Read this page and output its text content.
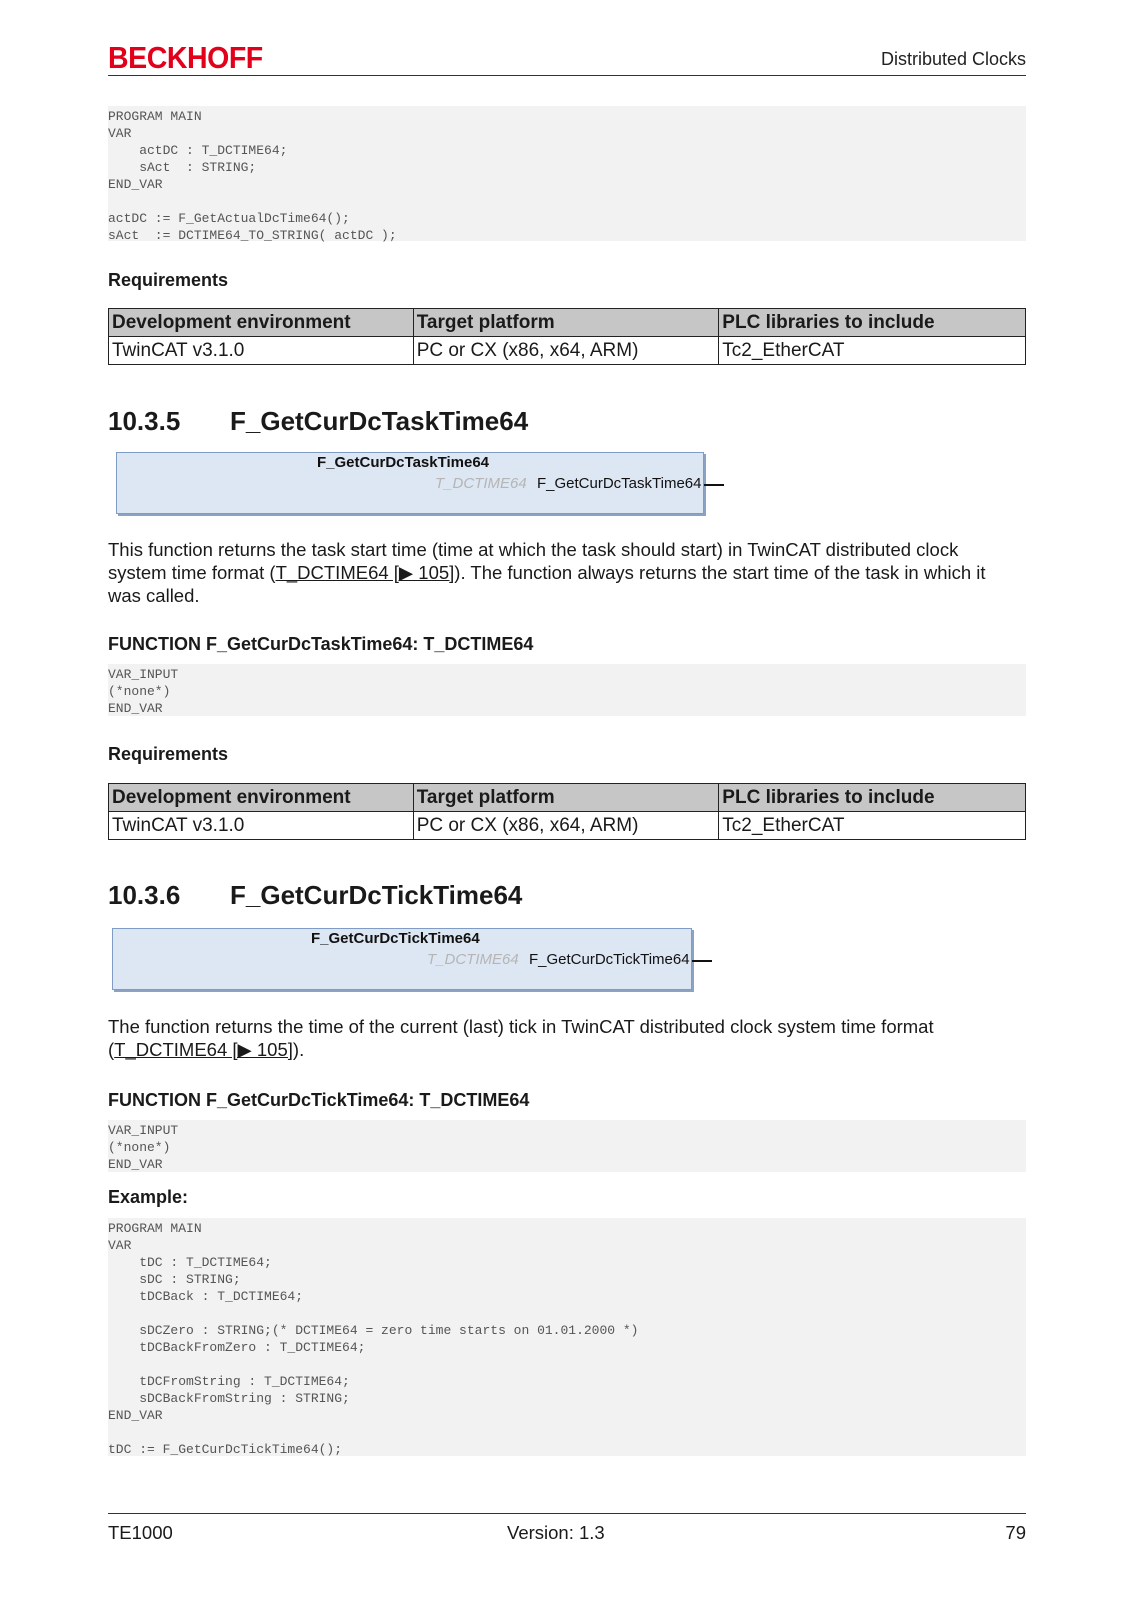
BECKHOFF	Distributed Clocks
PROGRAM MAIN
VAR
actDC : T_DCTIME64;
sAct  : STRING;
END_VAR

actDC := F_GetActualDcTime64();
sAct  := DCTIME64_TO_STRING( actDC );
Requirements
Development environment	Target platform	PLC libraries to include
TwinCAT v3.1.0	PC or CX (x86, x64, ARM)	Tc2_EtherCAT
10.3.5 F_GetCurDcTaskTime64
F_GetCurDcTaskTime64
T_DCTIME64 F_GetCurDcTaskTime64
This function returns the task start time (time at which the task should start) in TwinCAT distributed clock system time format (T_DCTIME64 [▶ 105]). The function always returns the start time of the task in which it was called.
FUNCTION F_GetCurDcTaskTime64: T_DCTIME64
VAR_INPUT
(*none*)
END_VAR
Requirements
Development environment	Target platform	PLC libraries to include
TwinCAT v3.1.0	PC or CX (x86, x64, ARM)	Tc2_EtherCAT
10.3.6 F_GetCurDcTickTime64
F_GetCurDcTickTime64
T_DCTIME64 F_GetCurDcTickTime64
The function returns the time of the current (last) tick in TwinCAT distributed clock system time format (T_DCTIME64 [▶ 105]).
FUNCTION F_GetCurDcTickTime64: T_DCTIME64
VAR_INPUT
(*none*)
END_VAR
Example:
PROGRAM MAIN
VAR
tDC : T_DCTIME64;
sDC : STRING;
tDCBack : T_DCTIME64;

sDCZero : STRING;(* DCTIME64 = zero time starts on 01.01.2000 *)
tDCBackFromZero : T_DCTIME64;

tDCFromString : T_DCTIME64;
sDCBackFromString : STRING;
END_VAR

tDC := F_GetCurDcTickTime64();
TE1000	Version: 1.3	79
